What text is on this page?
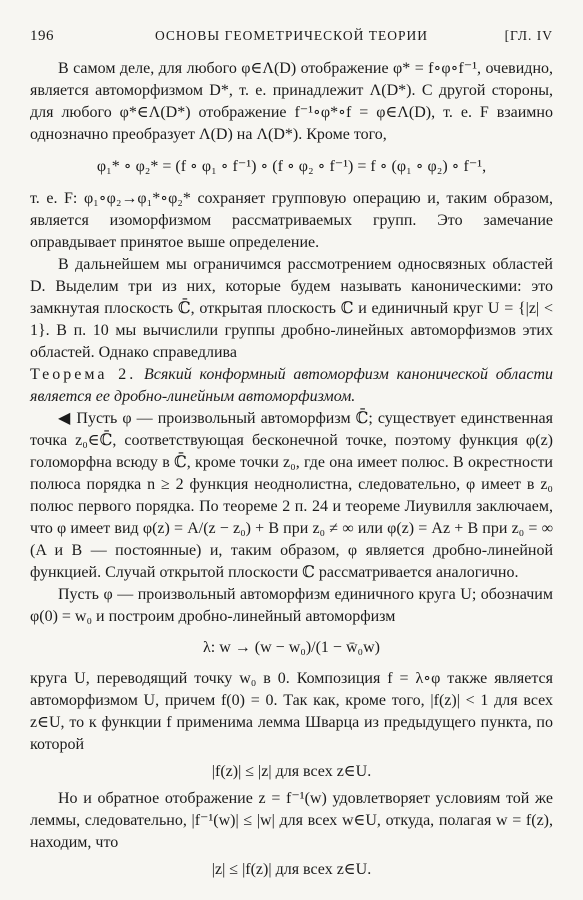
196	ОСНОВЫ ГЕОМЕТРИЧЕСКОЙ ТЕОРИИ	[ГЛ. IV

В самом деле, для любого φ∈Λ(D) отображение φ* = f∘φ∘f⁻¹, очевидно, является автоморфизмом D*, т. е. принадлежит Λ(D*). С другой стороны, для любого φ*∈Λ(D*) отображение f⁻¹∘φ*∘f = φ∈Λ(D), т. е. F взаимно однозначно преобразует Λ(D) на Λ(D*). Кроме того,

φ₁* ∘ φ₂* = (f ∘ φ₁ ∘ f⁻¹) ∘ (f ∘ φ₂ ∘ f⁻¹) = f ∘ (φ₁ ∘ φ₂) ∘ f⁻¹,

т. е. F: φ₁∘φ₂→φ₁*∘φ₂* сохраняет групповую операцию и, таким образом, является изоморфизмом рассматриваемых групп. Это замечание оправдывает принятое выше определение.

В дальнейшем мы ограничимся рассмотрением односвязных областей D. Выделим три из них, которые будем называть каноническими: это замкнутая плоскость ℂ̄, открытая плоскость ℂ и единичный круг U = {|z| < 1}. В п. 10 мы вычислили группы дробно-линейных автоморфизмов этих областей. Однако справедлива

Теорема 2. Всякий конформный автоморфизм канонической области является ее дробно-линейным автоморфизмом.

◀ Пусть φ — произвольный автоморфизм ℂ̄; существует единственная точка z₀∈ℂ̄, соответствующая бесконечной точке, поэтому функция φ(z) голоморфна всюду в ℂ̄, кроме точки z₀, где она имеет полюс. В окрестности полюса порядка n ≥ 2 функция неоднолистна, следовательно, φ имеет в z₀ полюс первого порядка. По теореме 2 п. 24 и теореме Лиувилля заключаем, что φ имеет вид φ(z) = A/(z − z₀) + B при z₀ ≠ ∞ или φ(z) = Az + B при z₀ = ∞ (A и B — постоянные) и, таким образом, φ является дробно-линейной функцией. Случай открытой плоскости ℂ рассматривается аналогично.

Пусть φ — произвольный автоморфизм единичного круга U; обозначим φ(0) = w₀ и построим дробно-линейный автоморфизм

λ: w → (w − w₀)/(1 − w̄₀w)

круга U, переводящий точку w₀ в 0. Композиция f = λ∘φ также является автоморфизмом U, причем f(0) = 0. Так как, кроме того, |f(z)| < 1 для всех z∈U, то к функции f применима лемма Шварца из предыдущего пункта, по которой

|f(z)| ≤ |z| для всех z∈U.

Но и обратное отображение z = f⁻¹(w) удовлетворяет условиям той же леммы, следовательно, |f⁻¹(w)| ≤ |w| для всех w∈U, откуда, полагая w = f(z), находим, что

|z| ≤ |f(z)| для всех z∈U.
